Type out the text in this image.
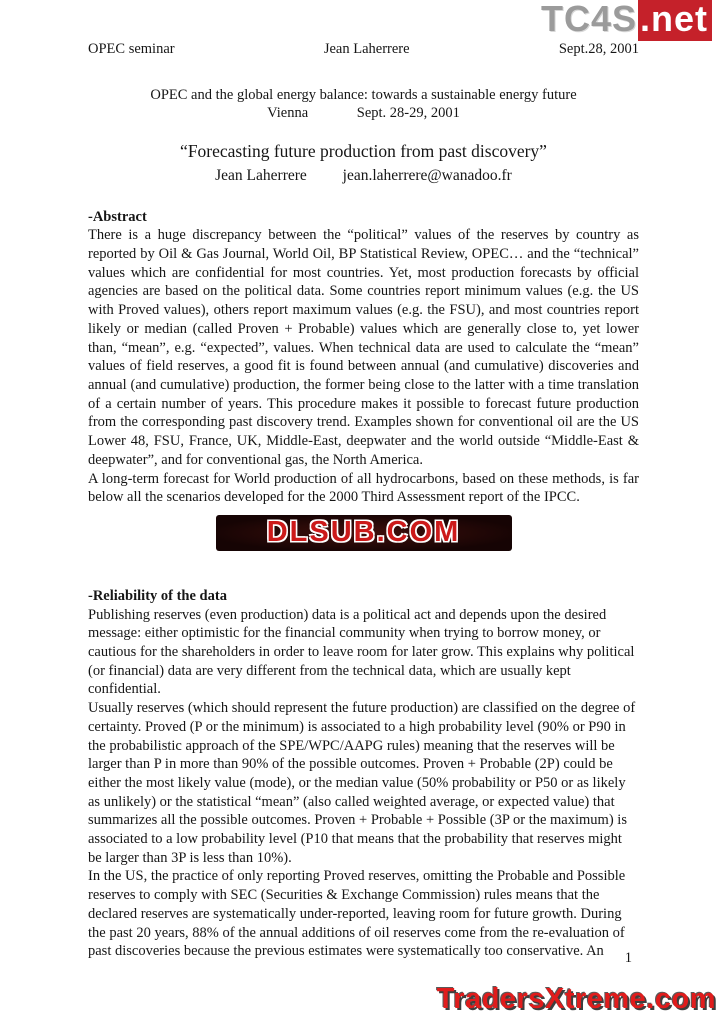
TC4S.net
OPEC seminar	Jean Laherrere	Sept.28, 2001
OPEC and the global energy balance: towards a sustainable energy future
Vienna	Sept. 28-29, 2001
“Forecasting future production from past discovery”
Jean Laherrere jean.laherrere@wanadoo.fr
-Abstract

There is a huge discrepancy between the “political” values of the reserves by country as reported by Oil & Gas Journal, World Oil, BP Statistical Review, OPEC… and the “technical” values which are confidential for most countries. Yet, most production forecasts by official agencies are based on the political data. Some countries report minimum values (e.g. the US with Proved values), others report maximum values (e.g. the FSU), and most countries report likely or median (called Proven + Probable) values which are generally close to, yet lower than, “mean”, e.g. “expected”, values. When technical data are used to calculate the “mean” values of field reserves, a good fit is found between annual (and cumulative) discoveries and annual (and cumulative) production, the former being close to the latter with a time translation of a certain number of years. This procedure makes it possible to forecast future production from the corresponding past discovery trend. Examples shown for conventional oil are the US Lower 48, FSU, France, UK, Middle-East, deepwater and the world outside “Middle-East & deepwater”, and for conventional gas, the North America.

A long-term forecast for World production of all hydrocarbons, based on these methods, is far below all the scenarios developed for the 2000 Third Assessment report of the IPCC.

DLSUB.COM
-Reliability of the data

Publishing reserves (even production) data is a political act and depends upon the desired message: either optimistic for the financial community when trying to borrow money, or cautious for the shareholders in order to leave room for later grow. This explains why political (or financial) data are very different from the technical data, which are usually kept confidential.

Usually reserves (which should represent the future production) are classified on the degree of certainty. Proved (P or the minimum) is associated to a high probability level (90% or P90 in the probabilistic approach of the SPE/WPC/AAPG rules) meaning that the reserves will be larger than P in more than 90% of the possible outcomes. Proven + Probable (2P) could be either the most likely value (mode), or the median value (50% probability or P50 or as likely as unlikely) or the statistical “mean” (also called weighted average, or expected value) that summarizes all the possible outcomes. Proven + Probable + Possible (3P or the maximum) is associated to a low probability level (P10 that means that the probability that reserves might be larger than 3P is less than 10%).

In the US, the practice of only reporting Proved reserves, omitting the Probable and Possible reserves to comply with SEC (Securities & Exchange Commission) rules means that the declared reserves are systematically under-reported, leaving room for future growth. During the past 20 years, 88% of the annual additions of oil reserves come from the re-evaluation of past discoveries because the previous estimates were systematically too conservative. An	1
TradersXtreme.com
